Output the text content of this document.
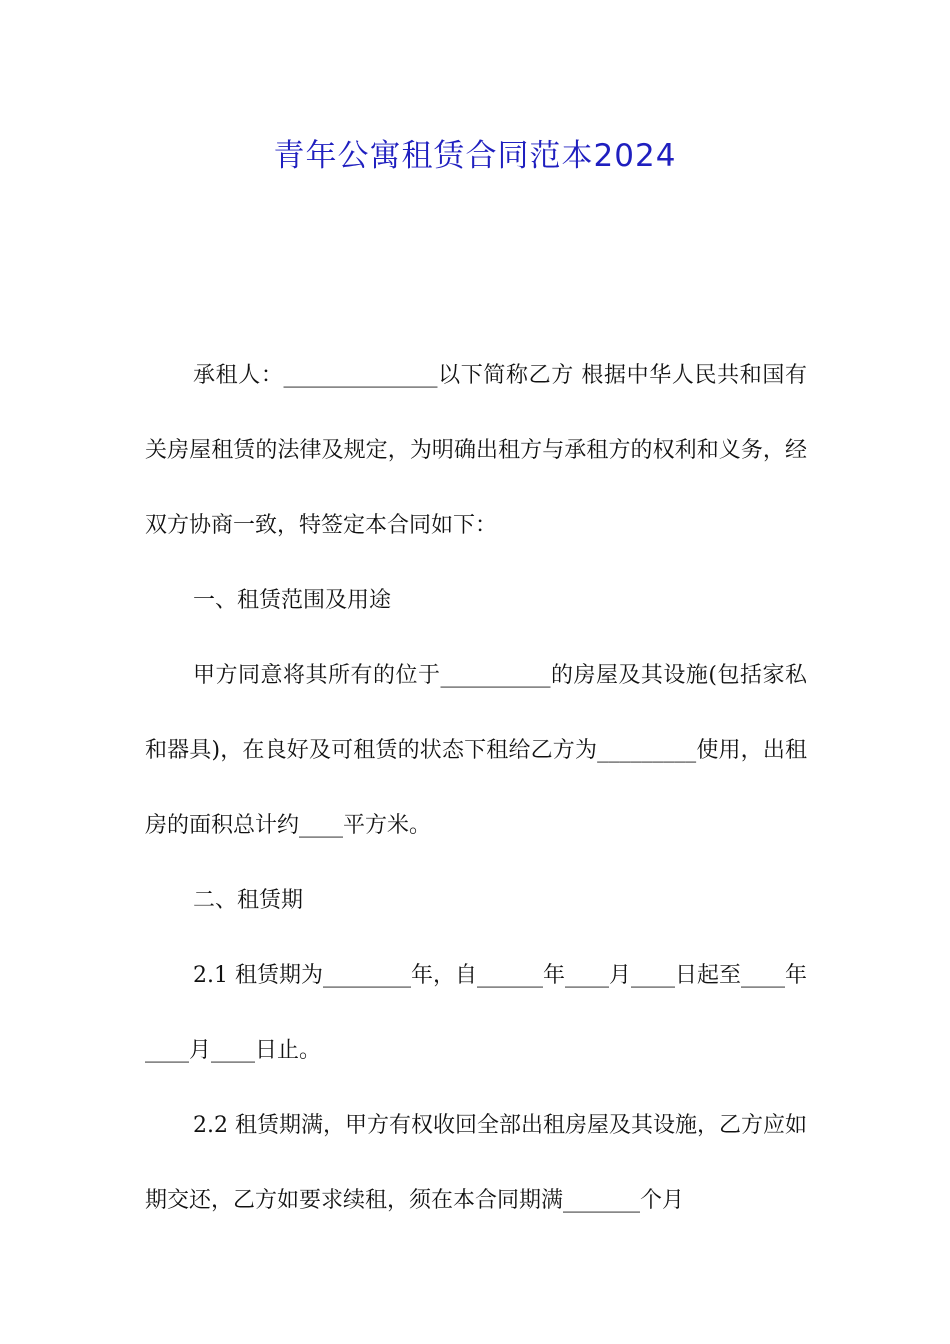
青年公寓租赁合同范本2024

承租人：______________以下简称乙方 根据中华人民共和国有关房屋租赁的法律及规定，为明确出租方与承租方的权利和义务，经双方协商一致，特签定本合同如下：

一、租赁范围及用途

甲方同意将其所有的位于__________的房屋及其设施(包括家私和器具)，在良好及可租赁的状态下租给乙方为_________使用，出租房的面积总计约____平方米。

二、租赁期

2.1 租赁期为________年，自______年____月____日起至____年____月____日止。

2.2 租赁期满，甲方有权收回全部出租房屋及其设施，乙方应如期交还，乙方如要求续租，须在本合同期满_______个月
